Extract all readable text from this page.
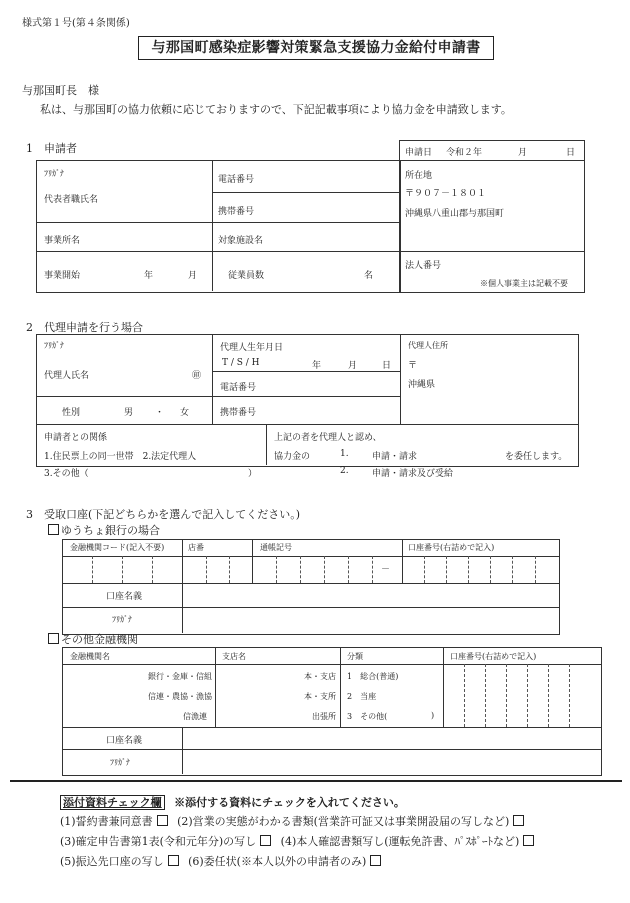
様式第１号(第４条関係)
与那国町感染症影響対策緊急支援協力金給付申請書
与那国町長　様
私は、与那国町の協力依頼に応じておりますので、下記記載事項により協力金を申請致します。
1　申請者	申請日 令和２年	月	日
ﾌﾘｶﾞﾅ
代表者職氏名
電話番号
携帯番号
所在地
〒９０７－１８０１
沖縄県八重山郡与那国町
事業所名	対象施設名
事業開始	年	月	従業員数	名
法人番号
※個人事業主は記載不要
2　代理申請を行う場合
ﾌﾘｶﾞﾅ
代理人氏名	㊞
代理人生年月日
T / S / H	年	月	日
電話番号
携帯番号
代理人住所
〒
沖縄県
性別	男 ・ 女
申請者との関係
1.住民票上の同一世帯　2.法定代理人
3.その他（	）
上記の者を代理人と認め、
協力金の	1.	申請・請求	を委任します。
2.	申請・請求及び受給
3　受取口座(下記どちらかを選んで記入してください。)
ゆうちょ銀行の場合
金融機関コード(記入不要)	店番	通帳記号	口座番号(右詰めで記入)
－
口座名義
ﾌﾘｶﾞﾅ
その他金融機関
金融機関名	支店名	分類	口座番号(右詰めで記入)
銀行・金庫・信組
信連・農協・漁協
信漁連
本・支店
本・支所
出張所
1　総合(普通)
2　当座
3　その他(	)
口座名義
ﾌﾘｶﾞﾅ
添付資料チェック欄 ※添付する資料にチェックを入れてください。
(1)誓約書兼同意書 (2)営業の実態がわかる書類(営業許可証又は事業開設届の写しなど)
(3)確定申告書第1表(令和元年分)の写し (4)本人確認書類写し(運転免許書、ﾊﾟｽﾎﾟｰﾄなど)
(5)振込先口座の写し (6)委任状(※本人以外の申請者のみ)
